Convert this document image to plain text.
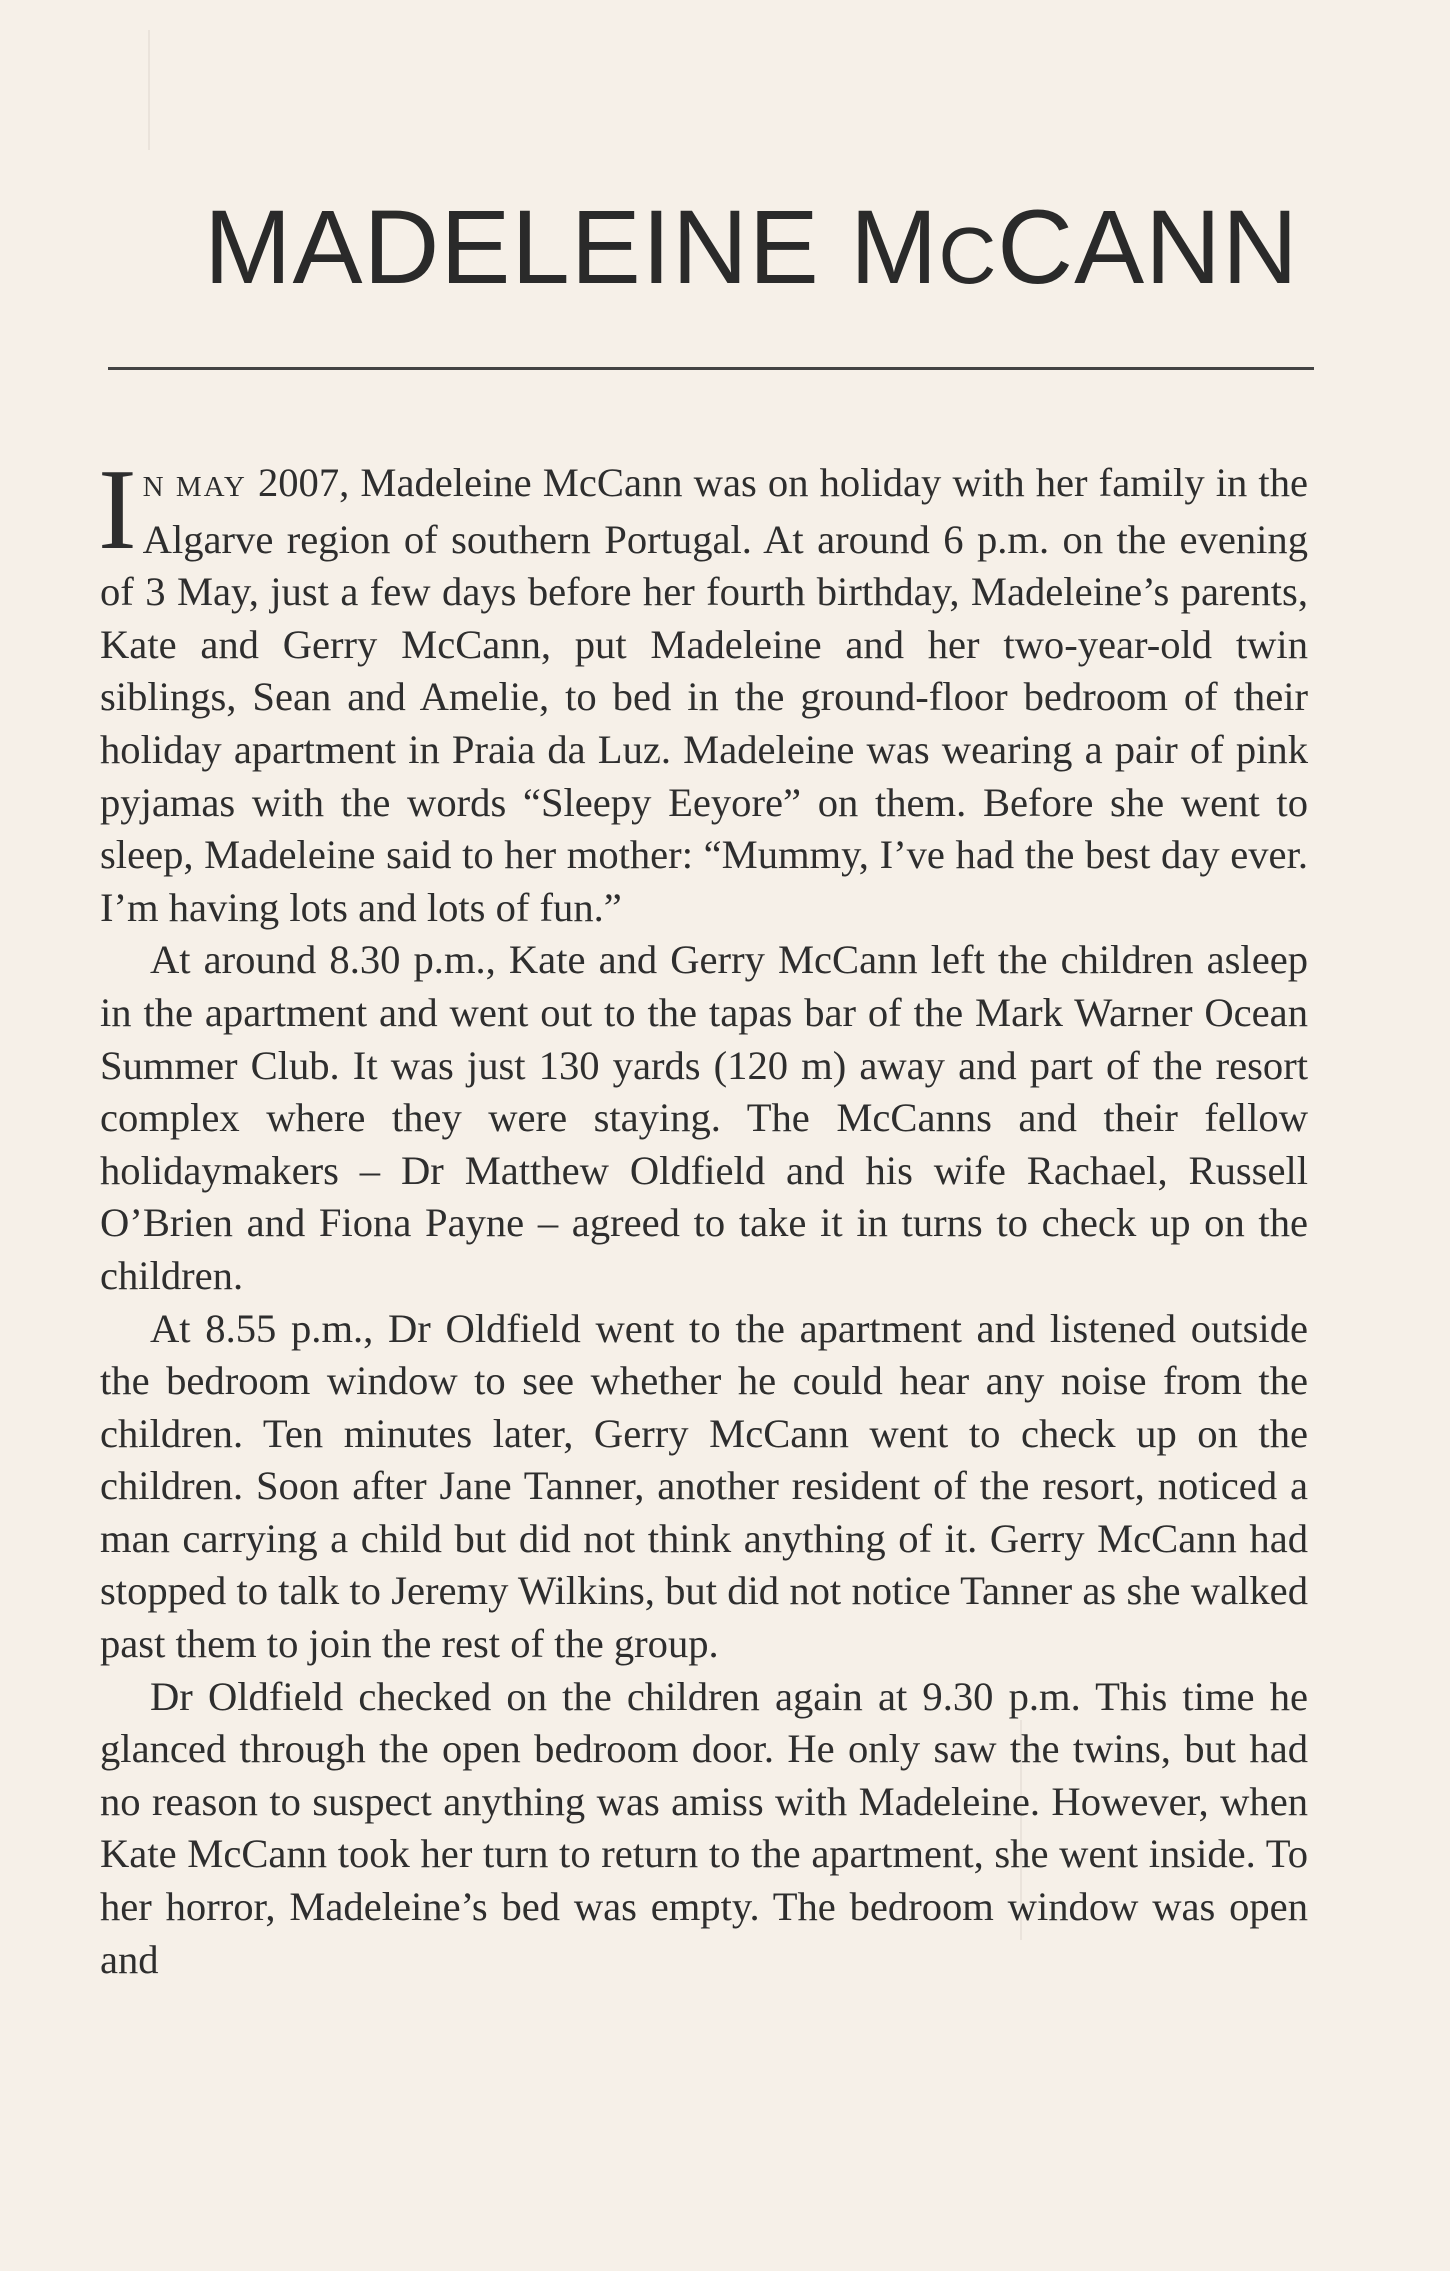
MADELEINE MCCANN

I N MAY 2007, Madeleine McCann was on holiday with her family in the Algarve region of southern Portugal. At around 6 p.m. on the evening of 3 May, just a few days before her fourth birthday, Madeleine’s parents, Kate and Gerry McCann, put Madeleine and her two-year-old twin siblings, Sean and Amelie, to bed in the ground-floor bedroom of their holiday apartment in Praia da Luz. Madeleine was wearing a pair of pink pyjamas with the words “Sleepy Eeyore” on them. Before she went to sleep, Madeleine said to her mother: “Mummy, I’ve had the best day ever. I’m having lots and lots of fun.”

At around 8.30 p.m., Kate and Gerry McCann left the children asleep in the apartment and went out to the tapas bar of the Mark Warner Ocean Summer Club. It was just 130 yards (120 m) away and part of the resort complex where they were staying. The McCanns and their fellow holidaymakers – Dr Matthew Oldfield and his wife Rachael, Russell O’Brien and Fiona Payne – agreed to take it in turns to check up on the children.

At 8.55 p.m., Dr Oldfield went to the apartment and listened outside the bedroom window to see whether he could hear any noise from the children. Ten minutes later, Gerry McCann went to check up on the children. Soon after Jane Tanner, another resident of the resort, noticed a man carrying a child but did not think anything of it. Gerry McCann had stopped to talk to Jeremy Wilkins, but did not notice Tanner as she walked past them to join the rest of the group.

Dr Oldfield checked on the children again at 9.30 p.m. This time he glanced through the open bedroom door. He only saw the twins, but had no reason to suspect anything was amiss with Madeleine. However, when Kate McCann took her turn to return to the apartment, she went inside. To her horror, Madeleine’s bed was empty. The bedroom window was open and
